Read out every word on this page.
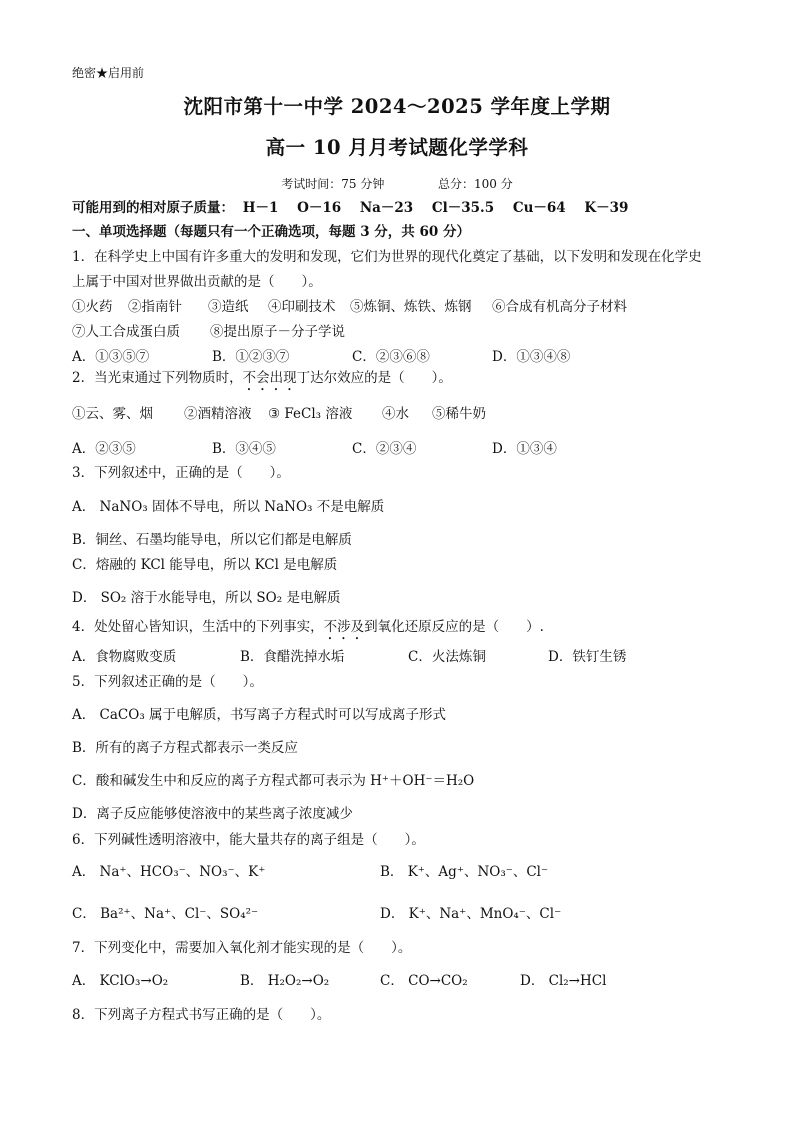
绝密★启用前
沈阳市第十一中学 2024～2025 学年度上学期
高一 10 月月考试题化学学科
考试时间：75 分钟	总分：100 分
可能用到的相对原子质量： H－1 O－16 Na－23 Cl－35.5 Cu－64 K－39
一、单项选择题（每题只有一个正确选项，每题 3 分，共 60 分）
1．在科学史上中国有许多重大的发明和发现，它们为世界的现代化奠定了基础，以下发明和发现在化学史
上属于中国对世界做出贡献的是（　　）。
①火药 ②指南针 ③造纸 ④印刷技术 ⑤炼铜、炼铁、炼钢 ⑥合成有机高分子材料
⑦人工合成蛋白质 ⑧提出原子－分子学说
A．①③⑤⑦	B．①②③⑦	C．②③⑥⑧	D．①③④⑧
2．当光束通过下列物质时，不会出现丁达尔效应的是（　　）。
①云、雾、烟 ②酒精溶液 ③ FeCl₃ 溶液 ④水 ⑤稀牛奶
A．②③⑤	B．③④⑤	C．②③④	D．①③④
3．下列叙述中，正确的是（　　）。
A． NaNO₃ 固体不导电，所以 NaNO₃ 不是电解质
B．铜丝、石墨均能导电，所以它们都是电解质
C．熔融的 KCl 能导电，所以 KCl 是电解质
D． SO₂ 溶于水能导电，所以 SO₂ 是电解质
4．处处留心皆知识，生活中的下列事实，不涉及到氧化还原反应的是（　　）.
A．食物腐败变质	B．食醋洗掉水垢	C．火法炼铜	D．铁钉生锈
5．下列叙述正确的是（　　）。
A． CaCO₃ 属于电解质，书写离子方程式时可以写成离子形式
B．所有的离子方程式都表示一类反应
C．酸和碱发生中和反应的离子方程式都可表示为 H⁺＋OH⁻＝H₂O
D．离子反应能够使溶液中的某些离子浓度减少
6．下列碱性透明溶液中，能大量共存的离子组是（　　）。
A． Na⁺、HCO₃⁻、NO₃⁻、K⁺	B． K⁺、Ag⁺、NO₃⁻、Cl⁻
C． Ba²⁺、Na⁺、Cl⁻、SO₄²⁻	D． K⁺、Na⁺、MnO₄⁻、Cl⁻
7．下列变化中，需要加入氧化剂才能实现的是（　　）。
A． KClO₃→O₂	B． H₂O₂→O₂	C． CO→CO₂	D． Cl₂→HCl
8．下列离子方程式书写正确的是（　　）。
